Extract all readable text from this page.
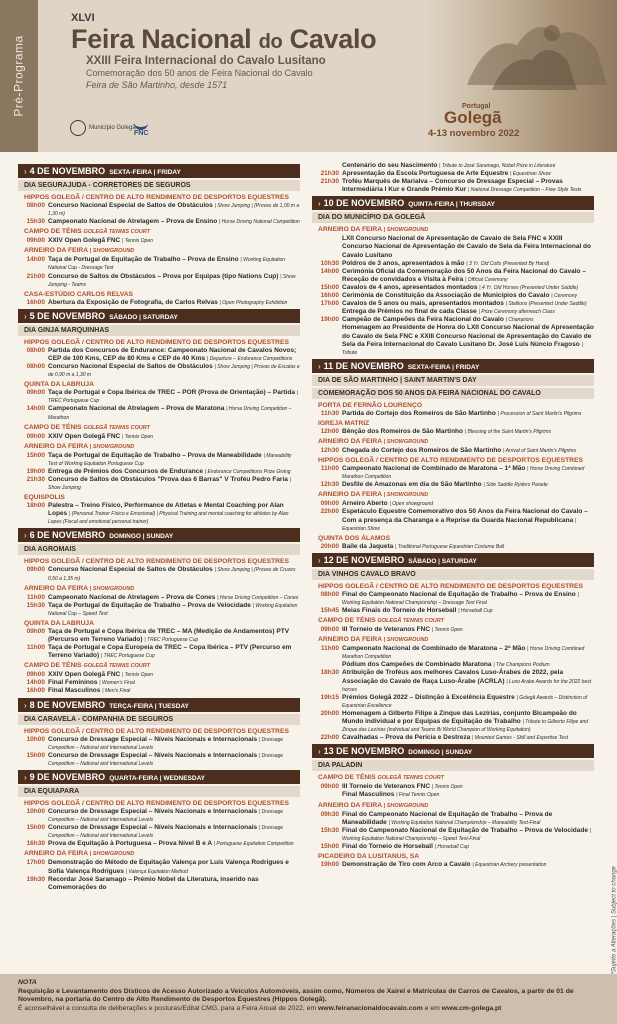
Pré-Programa
XLVI
Feira Nacional do Cavalo
XXIII Feira Internacional do Cavalo Lusitano
Comemoração dos 50 anos de Feira Nacional do Cavalo
Feira de São Martinho, desde 1571
Município Golegã
FNC
Portugal
Golegã
4-13 novembro 2022
› 4 DE NOVEMBRO SEXTA-FEIRA | FRIDAY
DIA SEGURAJUDA - CORRETORES DE SEGUROS
HIPPOS GOLEGÃ / CENTRO DE ALTO RENDIMENTO DE DESPORTOS EQUESTRES
08h00 Concurso Nacional Especial de Saltos de Obstáculos | Show Jumping | (Provas de 1,00 m a 1,30 m)
15h30 Campeonato Nacional de Atrelagem – Prova de Ensino | Horse Driving National Competition
CAMPO DE TÉNIS GOLEGÃ TENNIS COURT
09h00 XXIV Open Golegã FNC | Tennis Open
ARNEIRO DA FEIRA | SHOWGROUND
14h00 Taça de Portugal de Equitação de Trabalho – Prova de Ensino | Working Equitation National Cup - Dressage Test
21h00 Concurso de Saltos de Obstáculos – Prova por Equipas (tipo Nations Cup) | Show Jumping - Teams
CASA-ESTÚDIO CARLOS RELVAS
16h00 Abertura da Exposição de Fotografia, de Carlos Relvas | Open Photography Exhibition
› 5 DE NOVEMBRO SÁBADO | SATURDAY
DIA GINJA MARQUINHAS
HIPPOS GOLEGÃ / CENTRO DE ALTO RENDIMENTO DE DESPORTOS EQUESTRES
08h00 Partida dos Concursos de Endurance: Campeonato Nacional de Cavalos Novos; CEP de 100 Kms, CEP de 80 Kms e CEP de 40 Kms | Departure – Endurance Competitions
08h00 Concurso Nacional Especial de Saltos de Obstáculos | Show Jumping | Provas de Escalas e de 0,90 m a 1,30 m
QUINTA DA LABRUJA
09h00 Taça de Portugal e Copa Ibérica de TREC – POR (Prova de Orientação) – Partida | TREC Portuguese Cup
14h00 Campeonato Nacional de Atrelagem – Prova de Maratona | Horse Driving Competition – Marathon
CAMPO DE TÉNIS GOLEGÃ TENNIS COURT
09h00 XXIV Open Golegã FNC | Tennis Open
ARNEIRO DA FEIRA | SHOWGROUND
15h00 Taça de Portugal de Equitação de Trabalho – Prova de Maneabilidade | Maneability Test of Working Equitation Portuguese Cup
19h00 Entrega de Prémios dos Concursos de Endurance | Endurance Competitions Prize Giving
21h30 Concurso de Saltos de Obstáculos "Prova das 6 Barras" V Troféu Pedro Faria | Show Jumping
EQUISPOLIS
18h00 Palestra – Treino Físico, Performance de Atletas e Mental Coaching por Alan Lopes | (Personal Trainer Físico e Emocional) | Physical Training and mental coaching for athletes by Alan Lopes (Fiscal and emotional personal trainer)
› 6 DE NOVEMBRO DOMINGO | SUNDAY
DIA AGROMAIS
HIPPOS GOLEGÃ / CENTRO DE ALTO RENDIMENTO DE DESPORTOS EQUESTRES
09h00 Concurso Nacional Especial de Saltos de Obstáculos | Show Jumping | (Provas de Cruzes 0,50 a 1,35 m)
ARNEIRO DA FEIRA | SHOWGROUND
11h00 Campeonato Nacional de Atrelagem – Prova de Cones | Horse Driving Competition – Cones
15h30 Taça de Portugal de Equitação de Trabalho – Prova de Velocidade | Working Equitation National Cup – Speed Test
QUINTA DA LABRUJA
09h00 Taça de Portugal e Copa Ibérica de TREC – MA (Medição de Andamentos) PTV (Percurso em Terreno Variado) | TREC Portuguese Cup
11h00 Taça de Portugal e Copa Europeia de TREC – Copa Ibérica – PTV (Percurso em Terreno Variado) | TREC Portuguese Cup
CAMPO DE TÉNIS GOLEGÃ TENNIS COURT
09h00 XXIV Open Golegã FNC | Tennis Open
14h00 Final Femininos | Women's Final
16h00 Final Masculinos | Men's Final
› 8 DE NOVEMBRO TERÇA-FEIRA | TUESDAY
DIA CARAVELA - COMPANHIA DE SEGUROS
HIPPOS GOLEGÃ / CENTRO DE ALTO RENDIMENTO DE DESPORTOS EQUESTRES
10h00 Concurso de Dressage Especial – Níveis Nacionais e Internacionais | Dressage Competition – National and International Levels
15h00 Concurso de Dressage Especial – Níveis Nacionais e Internacionais | Dressage Competition – National and International Levels
› 9 DE NOVEMBRO QUARTA-FEIRA | WEDNESDAY
DIA EQUIAPARA
HIPPOS GOLEGÃ / CENTRO DE ALTO RENDIMENTO DE DESPORTOS EQUESTRES
10h00 Concurso de Dressage Especial – Níveis Nacionais e Internacionais | Dressage Competition – National and International Levels
15h00 Concurso de Dressage Especial – Níveis Nacionais e Internacionais | Dressage Competition – National and International Levels
16h30 Prova de Equitação à Portuguesa – Prova Nível B e A | Portuguese Equitation Competition
ARNEIRO DA FEIRA | SHOWGROUND
17h00 Demonstração do Método de Equitação Valença por Luís Valença Rodrigues e Sofia Valença Rodrigues | Valença Equitation Method
19h30 Recordar José Saramago – Prémio Nobel da Literatura, inserido nas Comemorações do
Centenário do seu Nascimento | Tribute to José Saramago, Nobel Prize in Literature
21h30 Apresentação da Escola Portuguesa de Arte Equestre | Equestrian Show
21h30 Troféu Marquês de Marialva – Concurso de Dressage Especial – Provas Intermediária I Kur e Grande Prémio Kur | National Dressage Competition – Free Style Tests
› 10 DE NOVEMBRO QUINTA-FEIRA | THURSDAY
DIA DO MUNICÍPIO DA GOLEGÃ
ARNEIRO DA FEIRA | SHOWGROUND
LXII Concurso Nacional de Apresentação de Cavalo de Sela FNC e XXIII Concurso Nacional de Apresentação de Cavalo de Sela da Feira Internacional do Cavalo Lusitano
10h30 Poldros de 3 anos, apresentados à mão | 3 Yr. Old Colts (Presented By Hand)
14h00 Cerimónia Oficial da Comemoração dos 50 Anos da Feira Nacional do Cavalo – Receção de convidados e Visita à Feira | Official Ceremony
15h00 Cavalos de 4 anos, apresentados montados | 4 Yr. Old Horses (Presented Under Saddle)
16h00 Cerimónia de Constituição da Associação de Municípios do Cavalo | Ceremony
17h00 Cavalos de 5 anos ou mais, apresentados montados | Stallions (Presented Under Saddle)
Entrega de Prémios no final de cada Classe | Prize Ceremony afterreach Class
19h00 Campeão de Campeões da Feira Nacional do Cavalo | Champions
Homenagem ao Presidente de Honra do LXII Concurso Nacional de Apresentação do Cavalo de Sela FNC e XXIII Concurso Nacional de Apresentação do Cavalo de Sela da Feira Internacional do Cavalo Lusitano Dr. José Luís Núncio Fragoso | Tribute
› 11 DE NOVEMBRO SEXTA-FEIRA | FRIDAY
DIA DE SÃO MARTINHO | SAINT MARTIN'S DAY
COMEMORAÇÃO DOS 50 ANOS DA FEIRA NACIONAL DO CAVALO
PORTA DE FERNÃO LOURENÇO
11h30 Partida do Cortejo dos Romeiros de São Martinho | Procession of Saint Martin's Pilgrims
IGREJA MATRIZ
12h00 Bênção dos Romeiros de São Martinho | Blessing of the Saint Martin's Pilgrims
ARNEIRO DA FEIRA | SHOWGROUND
12h30 Chegada do Cortejo dos Romeiros de São Martinho | Arrival of Saint Martin's Pilgrims
HIPPOS GOLEGÃ / CENTRO DE ALTO RENDIMENTO DE DESPORTOS EQUESTRES
11h00 Campeonato Nacional de Combinado de Maratona – 1ª Mão | Horse Driving Combined Marathon Competition
12h30 Desfile de Amazonas em dia de São Martinho | Side Saddle Ryders Parade
ARNEIRO DA FEIRA | SHOWGROUND
09h00 Arneiro Aberto | Open showground
22h00 Espetáculo Equestre Comemorativo dos 50 Anos da Feira Nacional do Cavalo – Com a presença da Charanga e a Reprise da Guarda Nacional Republicana | Equestrian Show
QUINTA DOS ÁLAMOS
20h00 Baile da Jaqueta | Traditional Portuguese Equestrian Costume Ball
› 12 DE NOVEMBRO SÁBADO | SATURDAY
DIA VINHOS CAVALO BRAVO
HIPPOS GOLEGÃ / CENTRO DE ALTO RENDIMENTO DE DESPORTOS EQUESTRES
08h00 Final do Campeonato Nacional de Equitação de Trabalho – Prova de Ensino | Working Equitation National Championship – Dressage Test Final
15h45 Meias Finais do Torneio de Horseball | Horseball Cup
CAMPO DE TÉNIS GOLEGÃ TENNIS COURT
09h00 III Torneio de Veteranos FNC | Tennis Open
ARNEIRO DA FEIRA | SHOWGROUND
11h00 Campeonato Nacional de Combinado de Maratona – 2ª Mão | Horse Driving Combined Marathon Competition
Pódium dos Campeões de Combinado Maratona | The Champions Podium
18h30 Atribuição de Troféus aos melhores Cavalos Luso-Árabes de 2022, pela Associação do Cavalo de Raça Luso-Árabe (ACRLA) | Luso Arabe Awards for the 2022 best horses
19h15 Prémios Golegã 2022 – Distinção à Excelência Equestre | Golegã Awards – Distinction of Equestrian Excellence
20h00 Homenagem a Gilberto Filipe à Zinque das Lezírias, conjunto Bicampeão do Mundo individual e por Equipas de Equitação de Trabalho | Tribute to Gilberto Filipe and Zinque das Lezírias (individual and Teams Bi World Champion of Working Equitation)
22h00 Cavalhadas – Prova de Perícia e Destreza | Mounted Games - Skill and Expertise Test
› 13 DE NOVEMBRO DOMINGO | SUNDAY
DIA PALADIN
CAMPO DE TÉNIS GOLEGÃ TENNIS COURT
09h00 III Torneio de Veteranos FNC | Tennis Open
Final Masculinos | Final Tennis Open
ARNEIRO DA FEIRA | SHOWGROUND
09h30 Final do Campeonato Nacional de Equitação de Trabalho – Prova de Maneabilidade | Working Equitation National Championship – Maneability Test-Final
15h30 Final do Campeonato Nacional de Equitação de Trabalho – Prova de Velocidade | Working Equitation National Championship – Speed Test-Final
15h00 Final do Torneio de Horseball | Horseball Cup
PICADEIRO DA LUSITANUS, SA
19h00 Demonstração de Tiro com Arco a Cavalo | Equestrian Archery presentation
*Sujeito a Alterações | Subject to change
NOTA
Requisição e Levantamento dos Dísticos de Acesso Autorizado a Veículos Automóveis, assim como, Números de Xairel e Matrículas de Carros de Cavalos, a partir de 01 de Novembro, na portaria do Centro de Alto Rendimento de Desportos Equestres (Hippos Golegã).
É aconselhável a consulta de deliberações e posturas/Edital CMG, para a Feira Anual de 2022, em www.feiranacionaldocavalo.com e em www.cm-golega.pt
